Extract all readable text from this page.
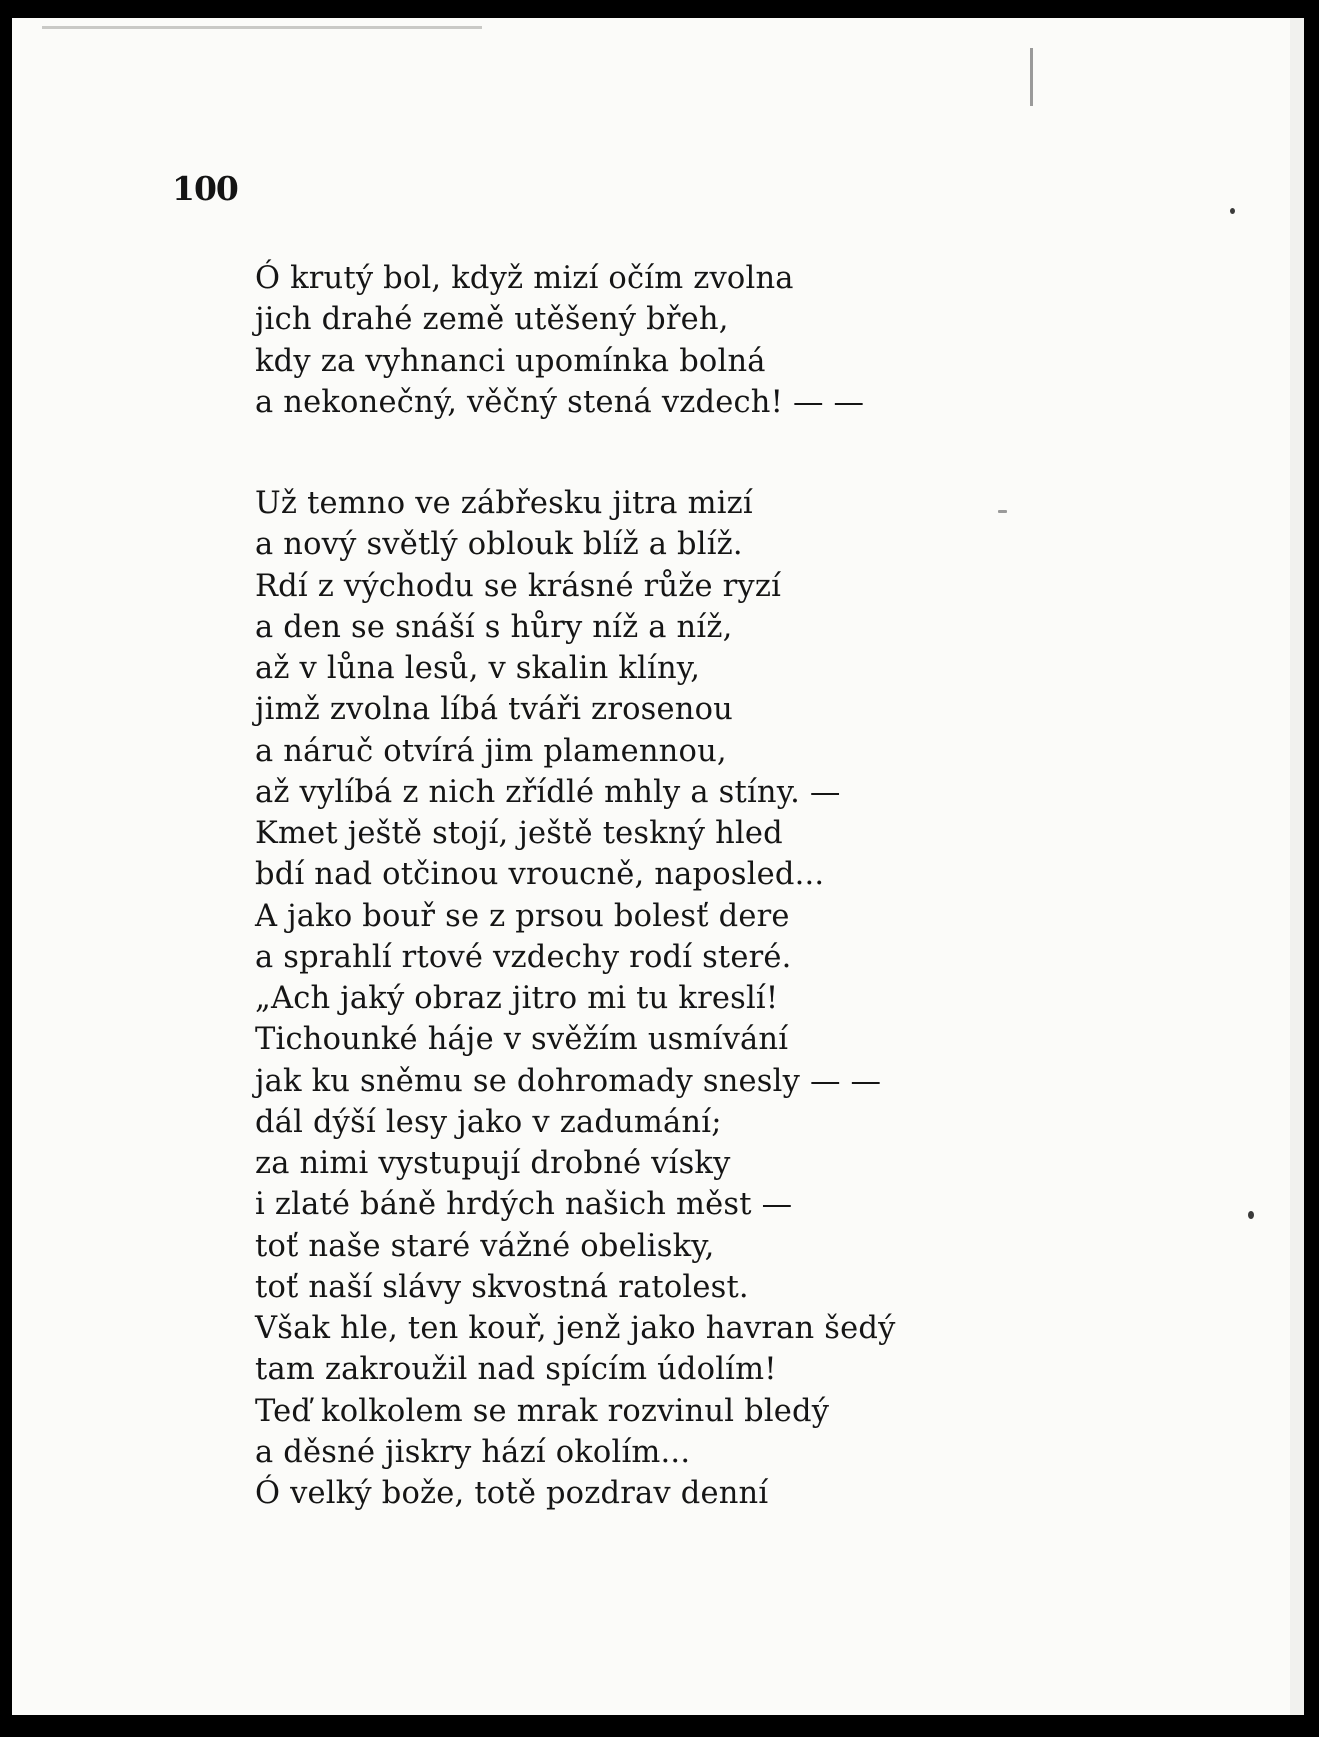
100
Ó krutý bol, když mizí očím zvolna
jich drahé země utěšený břeh,
kdy za vyhnanci upomínka bolná
a nekonečný, věčný stená vzdech! — —
Už temno ve zábřesku jitra mizí
a nový světlý oblouk blíž a blíž.
Rdí z východu se krásné růže ryzí
a den se snáší s hůry níž a níž,
až v lůna lesů, v skalin klíny,
jimž zvolna líbá tváři zrosenou
a náruč otvírá jim plamennou,
až vylíbá z nich zřídlé mhly a stíny. —
Kmet ještě stojí, ještě teskný hled
bdí nad otčinou vroucně, naposled...
A jako bouř se z prsou bolesť dere
a sprahlí rtové vzdechy rodí steré.
„Ach jaký obraz jitro mi tu kreslí!
Tichounké háje v svěžím usmívání
jak ku sněmu se dohromady snesly — —
dál dýší lesy jako v zadumání;
za nimi vystupují drobné vísky
i zlaté báně hrdých našich měst —
toť naše staré vážné obelisky,
toť naší slávy skvostná ratolest.
Však hle, ten kouř, jenž jako havran šedý
tam zakroužil nad spícím údolím!
Teď kolkolem se mrak rozvinul bledý
a děsné jiskry hází okolím...
Ó velký bože, totě pozdrav denní
